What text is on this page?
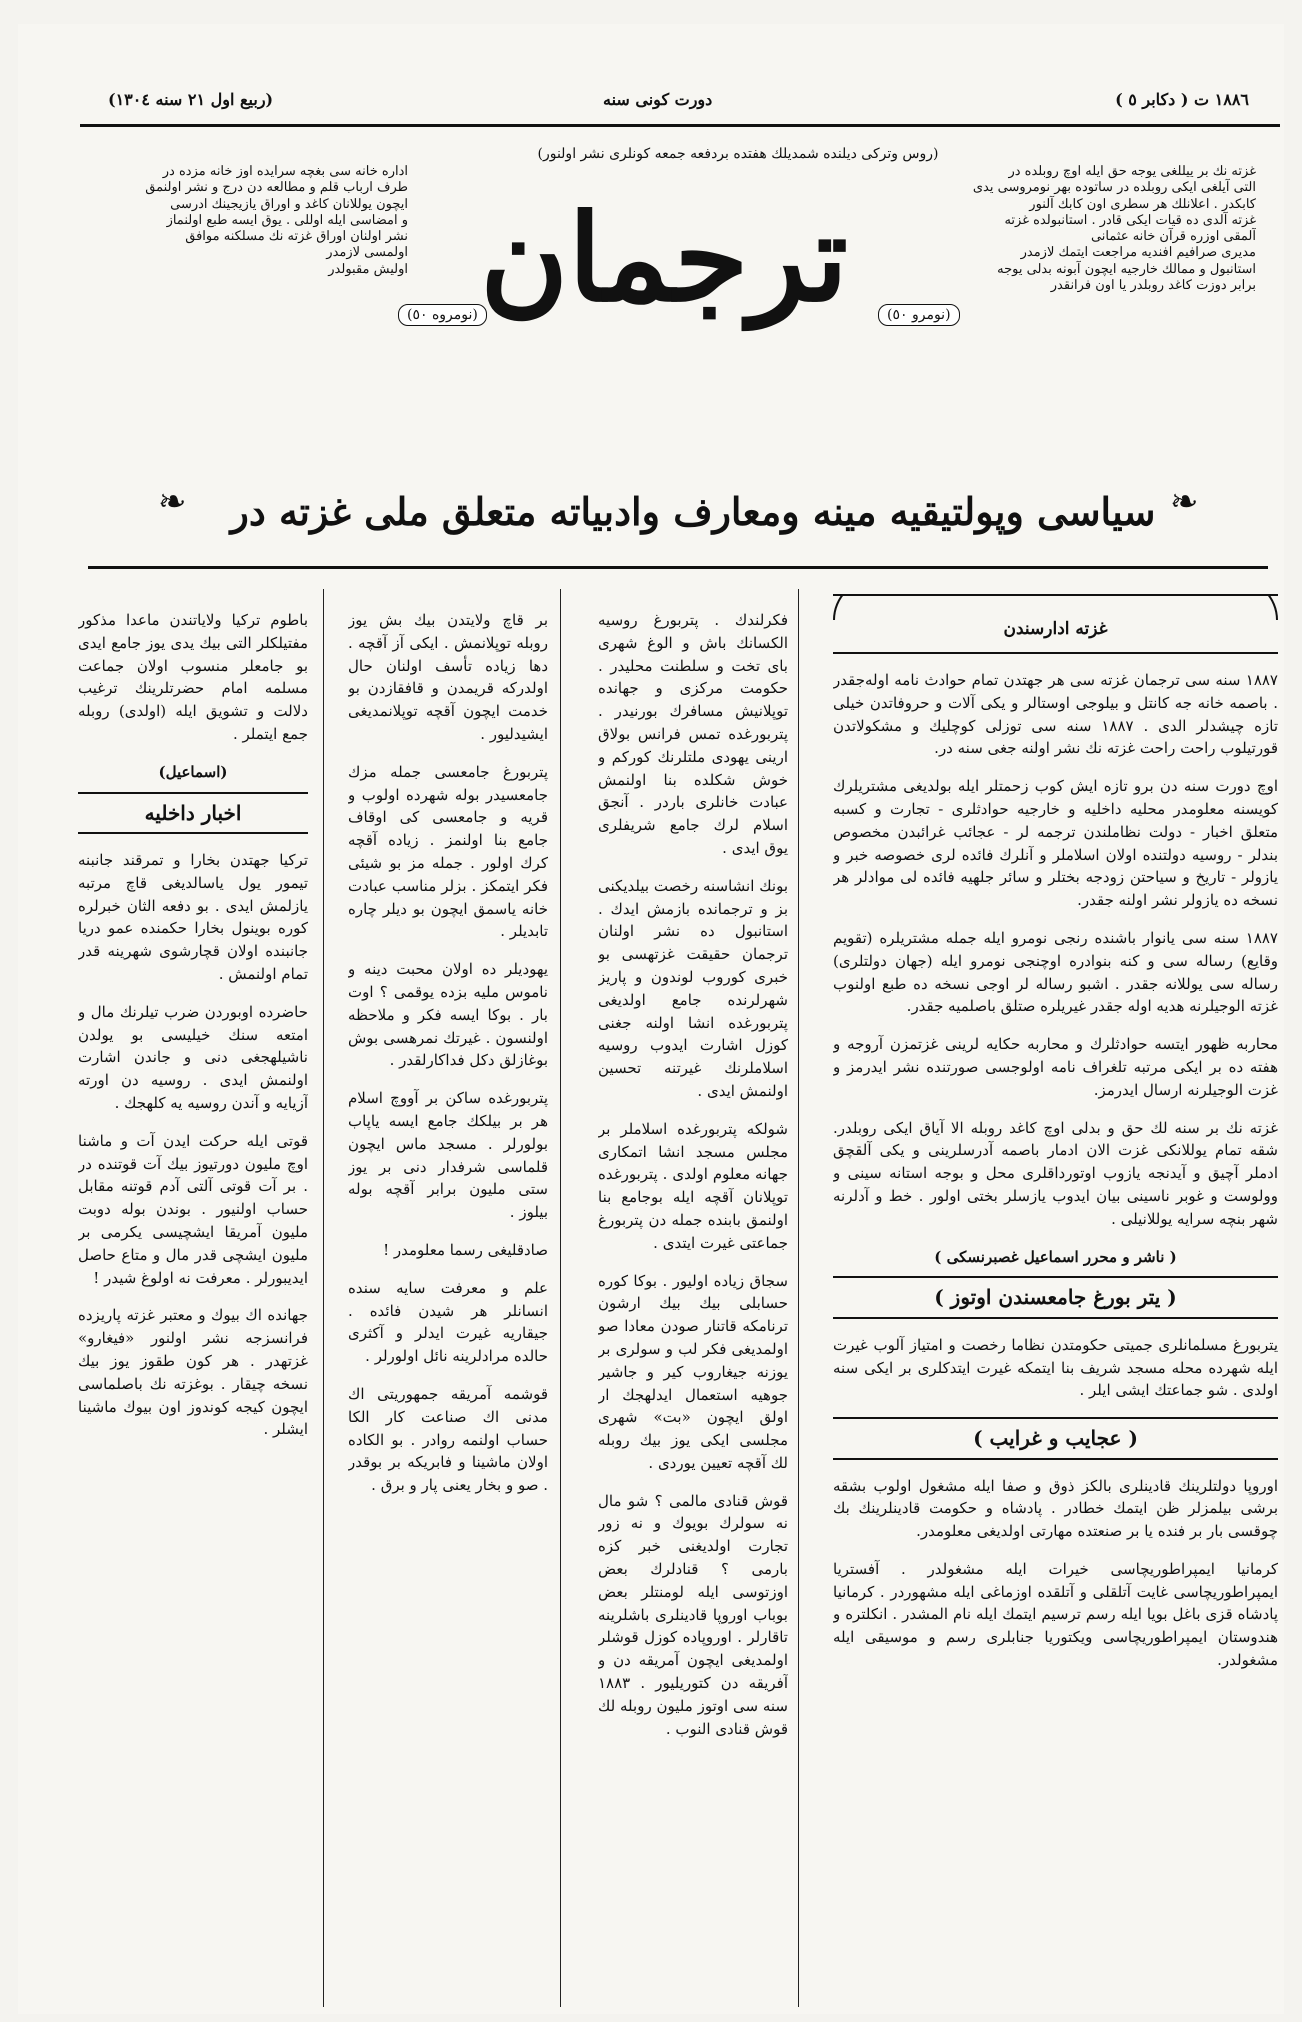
(ربيع اول ٢١ سنه ١٣٠٤)	دورت کونی سنه	١٨٨٦ ت ( دکابر ٥ )
(روس وترکی دیلنده شمدیلك هفتده بردفعه جمعه کونلری نشر اولنور)
اداره خانه سی بغچه سرایده اوز خانه مزده در
طرف ارباب قلم و مطالعه دن درج و نشر اولنمق
ایچون یوللانان کاغد و اوراق یازیجینك ادرسی
و امضاسی ایله اوللی . یوق ایسه طبع اولنماز
نشر اولنان اوراق غزته نك مسلکنه موافق
اولمسی لازمدر
اولیش مقبولدر
غزته نك بر ییللغی یوجه حق ایله اوچ روبلده در
التی آیلغی ایکی روبلده در ساتوده بهر نومروسی یدی
کابکدر . اعلانلك هر سطری اون کابك آلنور
غزته آلدی ده قیات ایکی قادر . استانبولده غزته
آلمقی اوزره قرآن خانه عثمانی
مدیری صرافیم افندیه مراجعت ایتمك لازمدر
استانبول و ممالك خارجیه ایچون آبونه بدلی یوجه
برابر دوزت کاغد روبلدر یا اون فرانقدر
(نومروه ٥٠)	(نومرو ٥٠)
ترجمان
❧	❧
سیاسی وپولتیقیه مینه ومعارف وادبیاته متعلق ملی غزته در
غزته ادارسندن

١٨٨٧ سنه سی ترجمان غزته سی هر جهتدن تمام حوادث نامه اولەجقدر . باصمه خانه جه کانتل و بیلوجی اوستالر و یکی آلات و حروفاتدن خیلی تازه چیشدلر الدی . ١٨٨٧ سنه سی توزلی کوچلیك و مشکولاتدن قورتیلوب راحت راحت غزته نك نشر اولنه جغی سنه در.

اوچ دورت سنه دن برو تازه ایش کوب زحمتلر ایله بولدیغی مشتریلرك کویسنه معلومدر محلیه داخلیه و خارجیه حوادثلری - تجارت و کسبه متعلق اخبار - دولت نظاملندن ترجمه لر - عجائب غرائبدن مخصوص بندلر - روسیه دولتنده اولان اسلاملر و آنلرك فائده لری خصوصه خبر و یازولر - تاریخ و سیاحتن زودجه بختلر و سائر جلهیه فائده لی موادلر هر نسخه ده یازولر نشر اولنه جقدر.

١٨٨٧ سنه سی یانوار باشنده رنجی نومرو ایله جمله مشتریلره (تقویم وقایع) رساله سی و کنه بنوادره اوچنجی نومرو ایله (جهان دولتلری) رساله سی یوللانه جقدر . اشبو رساله لر اوجی نسخه ده طبع اولنوب غزته الوجیلرنه هدیه اوله جقدر غیریلره صتلق باصلمیه جقدر.

محاربه ظهور ایتسه حوادثلرك و محاربه حکایه لرینی غزتمزن آروجه و هفته ده بر ایکی مرتبه تلغراف نامه اولوجسی صورتنده نشر ایدرمز و غزت الوجیلرنه ارسال ایدرمز.

غزته نك بر سنه لك حق و بدلی اوچ کاغد روبله الا آیاق ایکی روبلدر. شقه تمام یوللانکی غزت الان ادمار باصمه آدرسلرینی و یکی آلقچق ادملر آچیق و آیدنجه یازوب اوتورداقلری محل و بوجه استانه سینی و وولوست و غوبر ناسینی بیان ایدوب یازسلر بختی اولور . خط و آدلرنه شهر بنچه سرایه یوللانیلی .

( ناشر و محرر اسماعیل غصبرنسکی )
( یتر بورغ جامعسندن اوتوز )

یتربورغ مسلمانلری جمیتی حکومتدن نظاما رخصت و امتیاز آلوب غیرت ایله شهرده محله مسجد شریف بنا ایتمکه غیرت ایتدکلری بر ایکی سنه اولدی . شو جماعتك ایشی ایلر .

( عجایب و غرایب )

اوروپا دولتلرینك قادینلری بالکز ذوق و صفا ایله مشغول اولوب بشقه برشی بیلمزلر ظن ایتمك خطادر . پادشاه و حکومت قادینلرینك بك چوقسی بار بر فنده یا بر صنعتده مهارتی اولدیغی معلومدر.

کرمانیا ایمپراطوریچاسی خیرات ایله مشغولدر . آفستریا ایمپراطوریچاسی غایت آتلقلی و آتلقده اوزماغی ایله مشهوردر . کرمانیا پادشاه قزی باغل بویا ایله رسم ترسیم ایتمك ایله نام المشدر . انکلتره و هندوستان ایمپراطوریچاسی ویکتوریا جنابلری رسم و موسیقی ایله مشغولدر.

فکرلندك . پتربورغ روسیه الکسانك باش و الوغ شهری بای تخت و سلطنت محلیدر . حکومت مرکزی و جهانده توپلانیش مسافرك بورنیدر . پتربورغده تمس فرانس بولاق ارینی یهودی ملتلرنك کورکم و خوش شکلده بنا اولنمش عبادت خانلری باردر . آنجق اسلام لرك جامع شریفلری یوق ایدی .

بونك انشاسنه رخصت بیلدیکنی بز و ترجمانده بازمش ایدك . استانبول ده نشر اولنان ترجمان حقیقت غزتهسی بو خبری کوروب لوندون و پاریز شهرلرنده جامع اولدیغی پتربورغده انشا اولنه جغنی کوزل اشارت ایدوب روسیه اسلاملرنك غیرتنه تحسین اولنمش ایدی .

شولکه پتربورغده اسلاملر بر مجلس مسجد انشا اتمکاری جهانه معلوم اولدی . پتربورغده توپلانان آقچه ایله بوجامع بنا اولنمق بابنده جمله دن پتربورغ جماعتی غیرت ایتدی .

سجاق زیاده اولیور . بوکا کوره حسابلی بیك بیك ارشون ترنامکه قاتنار صودن معادا صو اولمدیغی فکر لب و سولری بر یوزنه جیغاروب کیر و جاشیر جوهیه استعمال ایدلهجك ار اولق ایچون «بت» شهری مجلسی ایکی یوز بیك روبله لك آقچه تعیین یوردی .

قوش قنادی مالمی ؟ شو مال نه سولرك بویوك و نه زور تجارت اولدیغنی خبر کزه بارمی ؟ قنادلرك بعض اوزتوسی ایله لومنتلر بعض بوباب اوروپا قادینلری باشلرینه تاقارلر . اوروپاده کوزل قوشلر اولمدیغی ایچون آمریقه دن و آفریقه دن کتوریلیور . ١٨٨٣ سنه سی اوتوز ملیون روبله لك قوش قنادی النوب .

بر قاچ ولایتدن بیك بش یوز روبله توپلانمش . ایکی آز آقچه . دها زیاده تأسف اولنان حال اولدرکه قریمدن و قافقازدن بو خدمت ایچون آقچه توپلانمدیغی ایشیدلیور .

پتربورغ جامعسی جمله مزك جامعسیدر بوله شهرده اولوب و قریه و جامعسی کی اوقاف جامع بنا اولنمز . زیاده آقچه کرك اولور . جمله مز بو شیئی فکر ایتمکز . بزلر مناسب عبادت خانه یاسمق ایچون بو دیلر چاره تابدیلر .

یهودیلر ده اولان محبت دینه و ناموس ملیه بزده یوقمی ؟ اوت بار . بوکا ایسه فکر و ملاحظه اولنسون . غیرتك نمرهسی بوش بوغازلق دکل فداکارلقدر .

پتربورغده ساکن بر آووچ اسلام هر بر بیلکك جامع ایسه یاپاب بولورلر . مسجد ماس ایچون قلماسی شرفدار دنی بر یوز ستی ملیون برابر آقچه بوله بیلوز .

صادقلیغی رسما معلومدر !

علم و معرفت سایه سنده انسانلر هر شیدن فائده . جیقاریه غیرت ایدلر و آکثری حالده مرادلرینه نائل اولورلر .

قوشمه آمریقه جمهوریتی اك مدنی اك صناعت کار الکا حساب اولنمه روادر . بو الکاده اولان ماشینا و فابریکه بر بوقدر . صو و بخار یعنی پار و برق .

باطوم ترکیا ولایاتندن ماعدا مذکور مفتیلکلر التی بیك یدی یوز جامع ایدی بو جامعلر منسوب اولان جماعت مسلمه امام حضرتلرینك ترغیب دلالت و تشویق ایله (اولدی) روبله جمع ایتملر .

(اسماعیل)
اخبار داخلیه

ترکیا جهتدن بخارا و تمرقند جانبنه تیمور یول یاسالدیغی قاچ مرتبه یازلمش ایدی . بو دفعه الثان خبرلره کوره بوینول بخارا حکمنده عمو دریا جانبنده اولان قچارشوی شهرینه قدر تمام اولنمش .

حاضرده اوبوردن ضرب تیلرنك مال و امتعه سنك خیلیسی بو یولدن ناشیلهجغی دنی و جاندن اشارت اولنمش ایدی . روسیه دن اورته آزیایه و آندن روسیه یه کلهجك .

قوتی ایله حرکت ایدن آت و ماشنا اوچ ملیون دورتیوز بیك آت قوتنده در . بر آت قوتی آلتی آدم قوتنه مقابل حساب اولنیور . بوندن بوله دوبت ملیون آمریقا ایشچیسی یکرمی بر ملیون ایشچی قدر مال و متاع حاصل ایدیبورلر . معرفت نه اولوغ شیدر !

جهانده اك بیوك و معتبر غزته پاریزده فرانسزجه نشر اولنور «فیغارو» غزتهدر . هر کون طقوز یوز بیك نسخه چیقار . بوغزته نك باصلماسی ایچون کیجه کوندوز اون بیوك ماشینا ایشلر .
